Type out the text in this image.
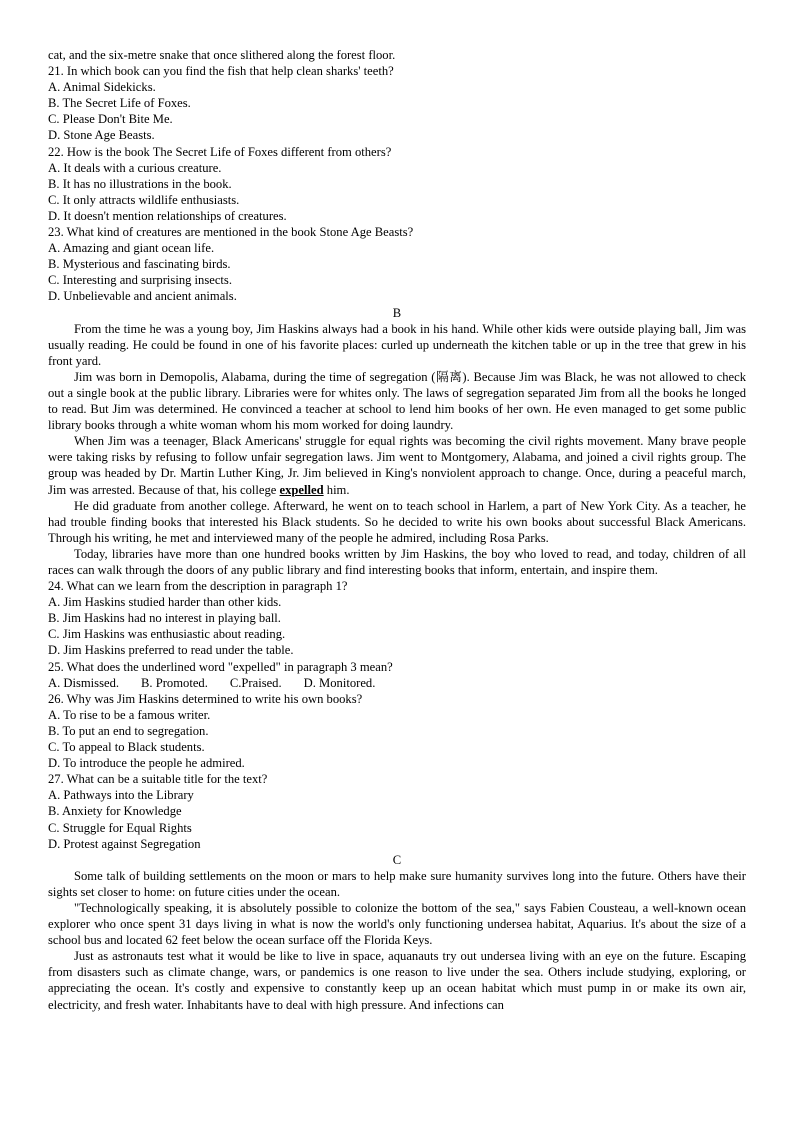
cat, and the six-metre snake that once slithered along the forest floor.
21. In which book can you find the fish that help clean sharks' teeth?
A. Animal Sidekicks.
B. The Secret Life of Foxes.
C. Please Don't Bite Me.
D. Stone Age Beasts.
22. How is the book The Secret Life of Foxes different from others?
A. It deals with a curious creature.
B. It has no illustrations in the book.
C. It only attracts wildlife enthusiasts.
D. It doesn't mention relationships of creatures.
23. What kind of creatures are mentioned in the book Stone Age Beasts?
A. Amazing and giant ocean life.
B. Mysterious and fascinating birds.
C. Interesting and surprising insects.
D. Unbelievable and ancient animals.
B
From the time he was a young boy, Jim Haskins always had a book in his hand. While other kids were outside playing ball, Jim was usually reading. He could be found in one of his favorite places: curled up underneath the kitchen table or up in the tree that grew in his front yard.
Jim was born in Demopolis, Alabama, during the time of segregation (隔离). Because Jim was Black, he was not allowed to check out a single book at the public library. Libraries were for whites only. The laws of segregation separated Jim from all the books he longed to read. But Jim was determined. He convinced a teacher at school to lend him books of her own. He even managed to get some public library books through a white woman whom his mom worked for doing laundry.
When Jim was a teenager, Black Americans' struggle for equal rights was becoming the civil rights movement. Many brave people were taking risks by refusing to follow unfair segregation laws. Jim went to Montgomery, Alabama, and joined a civil rights group. The group was headed by Dr. Martin Luther King, Jr. Jim believed in King's nonviolent approach to change. Once, during a peaceful march, Jim was arrested. Because of that, his college expelled him.
He did graduate from another college. Afterward, he went on to teach school in Harlem, a part of New York City. As a teacher, he had trouble finding books that interested his Black students. So he decided to write his own books about successful Black Americans. Through his writing, he met and interviewed many of the people he admired, including Rosa Parks.
Today, libraries have more than one hundred books written by Jim Haskins, the boy who loved to read, and today, children of all races can walk through the doors of any public library and find interesting books that inform, entertain, and inspire them.
24. What can we learn from the description in paragraph 1?
A. Jim Haskins studied harder than other kids.
B. Jim Haskins had no interest in playing ball.
C. Jim Haskins was enthusiastic about reading.
D. Jim Haskins preferred to read under the table.
25. What does the underlined word "expelled" in paragraph 3 mean?
A. Dismissed. B. Promoted. C.Praised. D. Monitored.
26. Why was Jim Haskins determined to write his own books?
A. To rise to be a famous writer.
B. To put an end to segregation.
C. To appeal to Black students.
D. To introduce the people he admired.
27. What can be a suitable title for the text?
A. Pathways into the Library
B. Anxiety for Knowledge
C. Struggle for Equal Rights
D. Protest against Segregation
C
Some talk of building settlements on the moon or mars to help make sure humanity survives long into the future. Others have their sights set closer to home: on future cities under the ocean.
"Technologically speaking, it is absolutely possible to colonize the bottom of the sea," says Fabien Cousteau, a well-known ocean explorer who once spent 31 days living in what is now the world's only functioning undersea habitat, Aquarius. It's about the size of a school bus and located 62 feet below the ocean surface off the Florida Keys.
Just as astronauts test what it would be like to live in space, aquanauts try out undersea living with an eye on the future. Escaping from disasters such as climate change, wars, or pandemics is one reason to live under the sea. Others include studying, exploring, or appreciating the ocean. It's costly and expensive to constantly keep up an ocean habitat which must pump in or make its own air, electricity, and fresh water. Inhabitants have to deal with high pressure. And infections can
